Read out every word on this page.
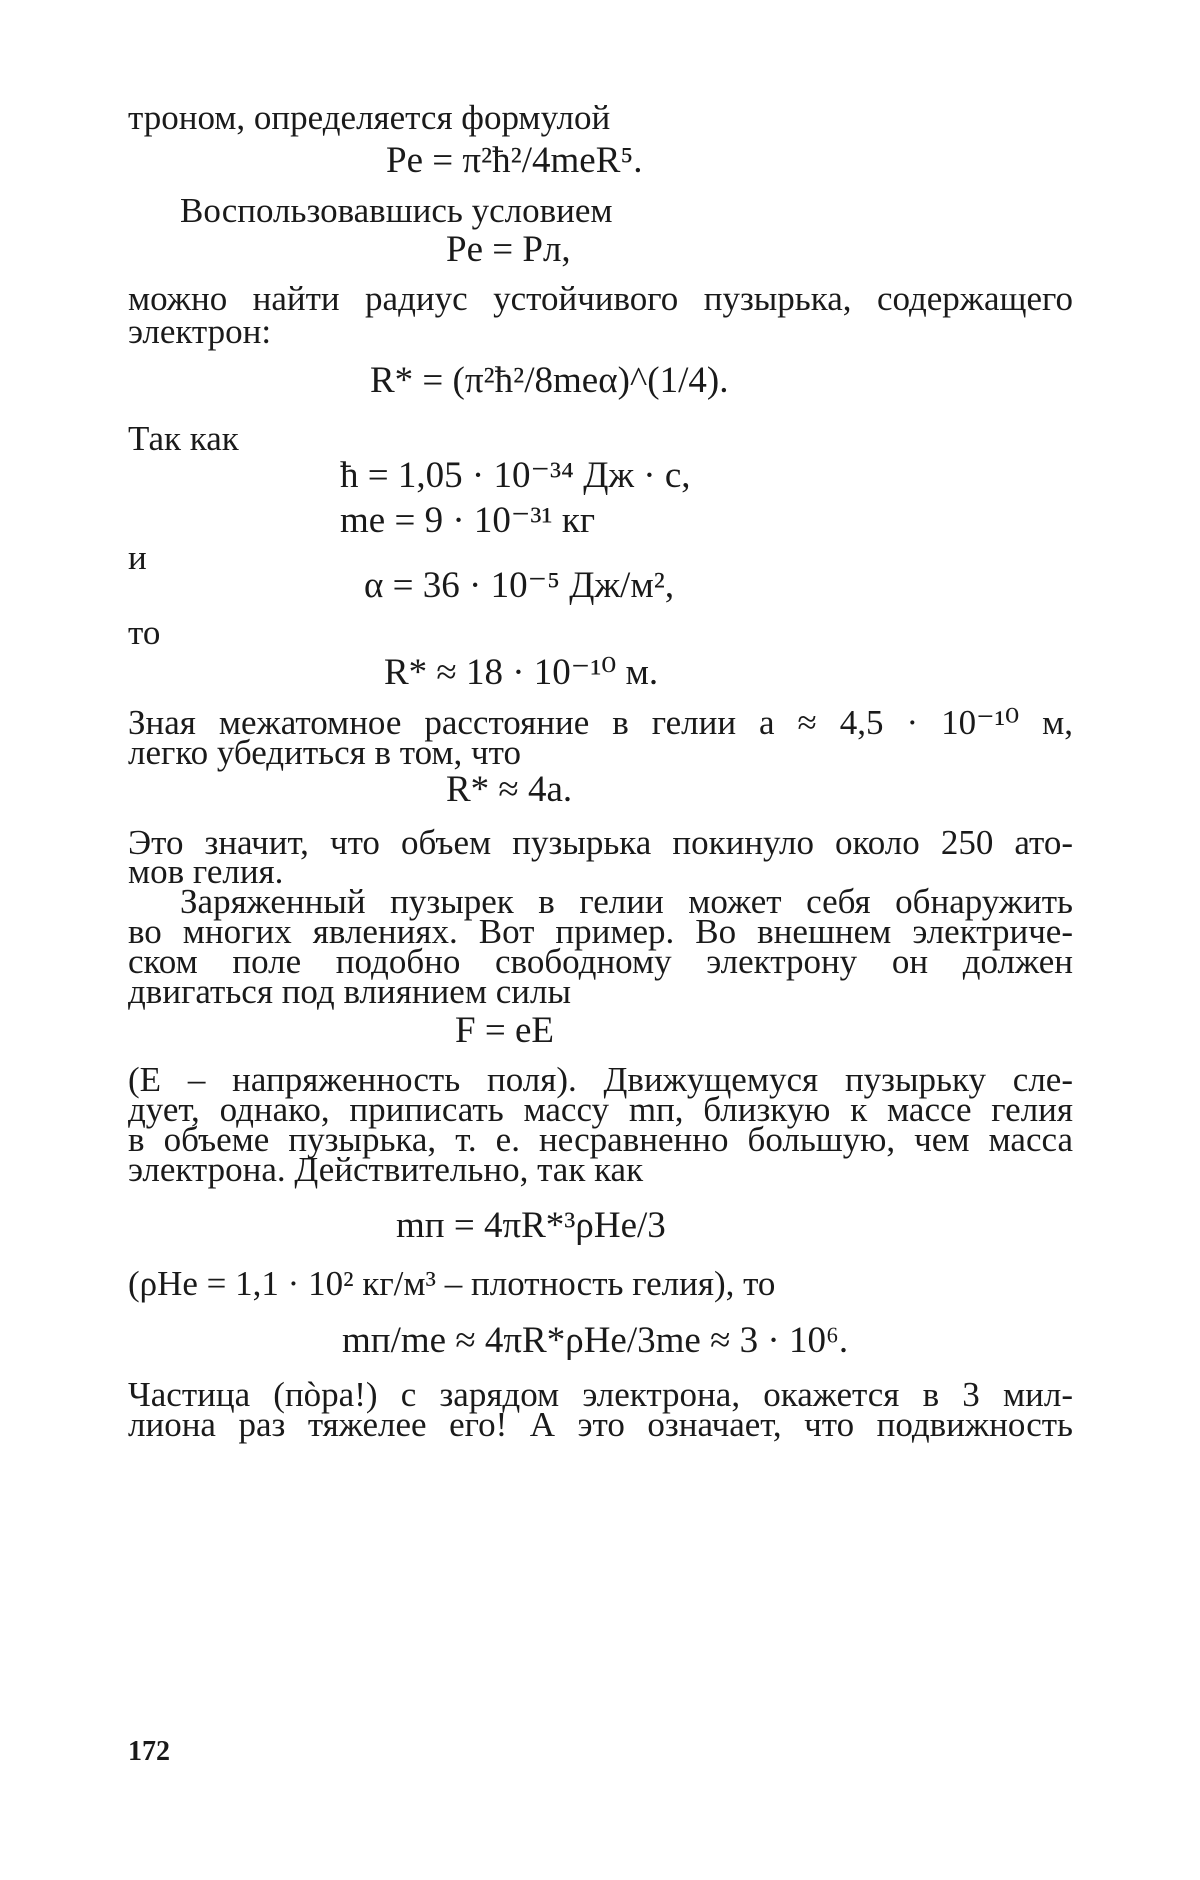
троном, определяется формулой
Pe = π²ħ²/4meR⁵.
Воспользовавшись условием
Pe = Pл,
можно найти радиус устойчивого пузырька, содержащего
электрон:
R* = (π²ħ²/8meα)^(1/4).
Так как
ħ = 1,05 · 10⁻³⁴ Дж · с,
me = 9 · 10⁻³¹ кг
и
α = 36 · 10⁻⁵ Дж/м²,
то
R* ≈ 18 · 10⁻¹⁰ м.
Зная межатомное расстояние в гелии a ≈ 4,5 · 10⁻¹⁰ м,
легко убедиться в том, что
R* ≈ 4a.
Это значит, что объем пузырька покинуло около 250 ато-
мов гелия.
Заряженный пузырек в гелии может себя обнаружить
во многих явлениях. Вот пример. Во внешнем электриче-
ском поле подобно свободному электрону он должен
двигаться под влиянием силы
F = eE
(E – напряженность поля). Движущемуся пузырьку сле-
дует, однако, приписать массу mп, близкую к массе гелия
в объеме пузырька, т. е. несравненно большую, чем масса
электрона. Действительно, так как
mп = 4πR*³ρHe/3
(ρHe = 1,1 · 10² кг/м³ – плотность гелия), то
mп/me ≈ 4πR*ρHe/3me ≈ 3 · 10⁶.
Частица (пòра!) с зарядом электрона, окажется в 3 мил-
лиона раз тяжелее его! А это означает, что подвижность
172
